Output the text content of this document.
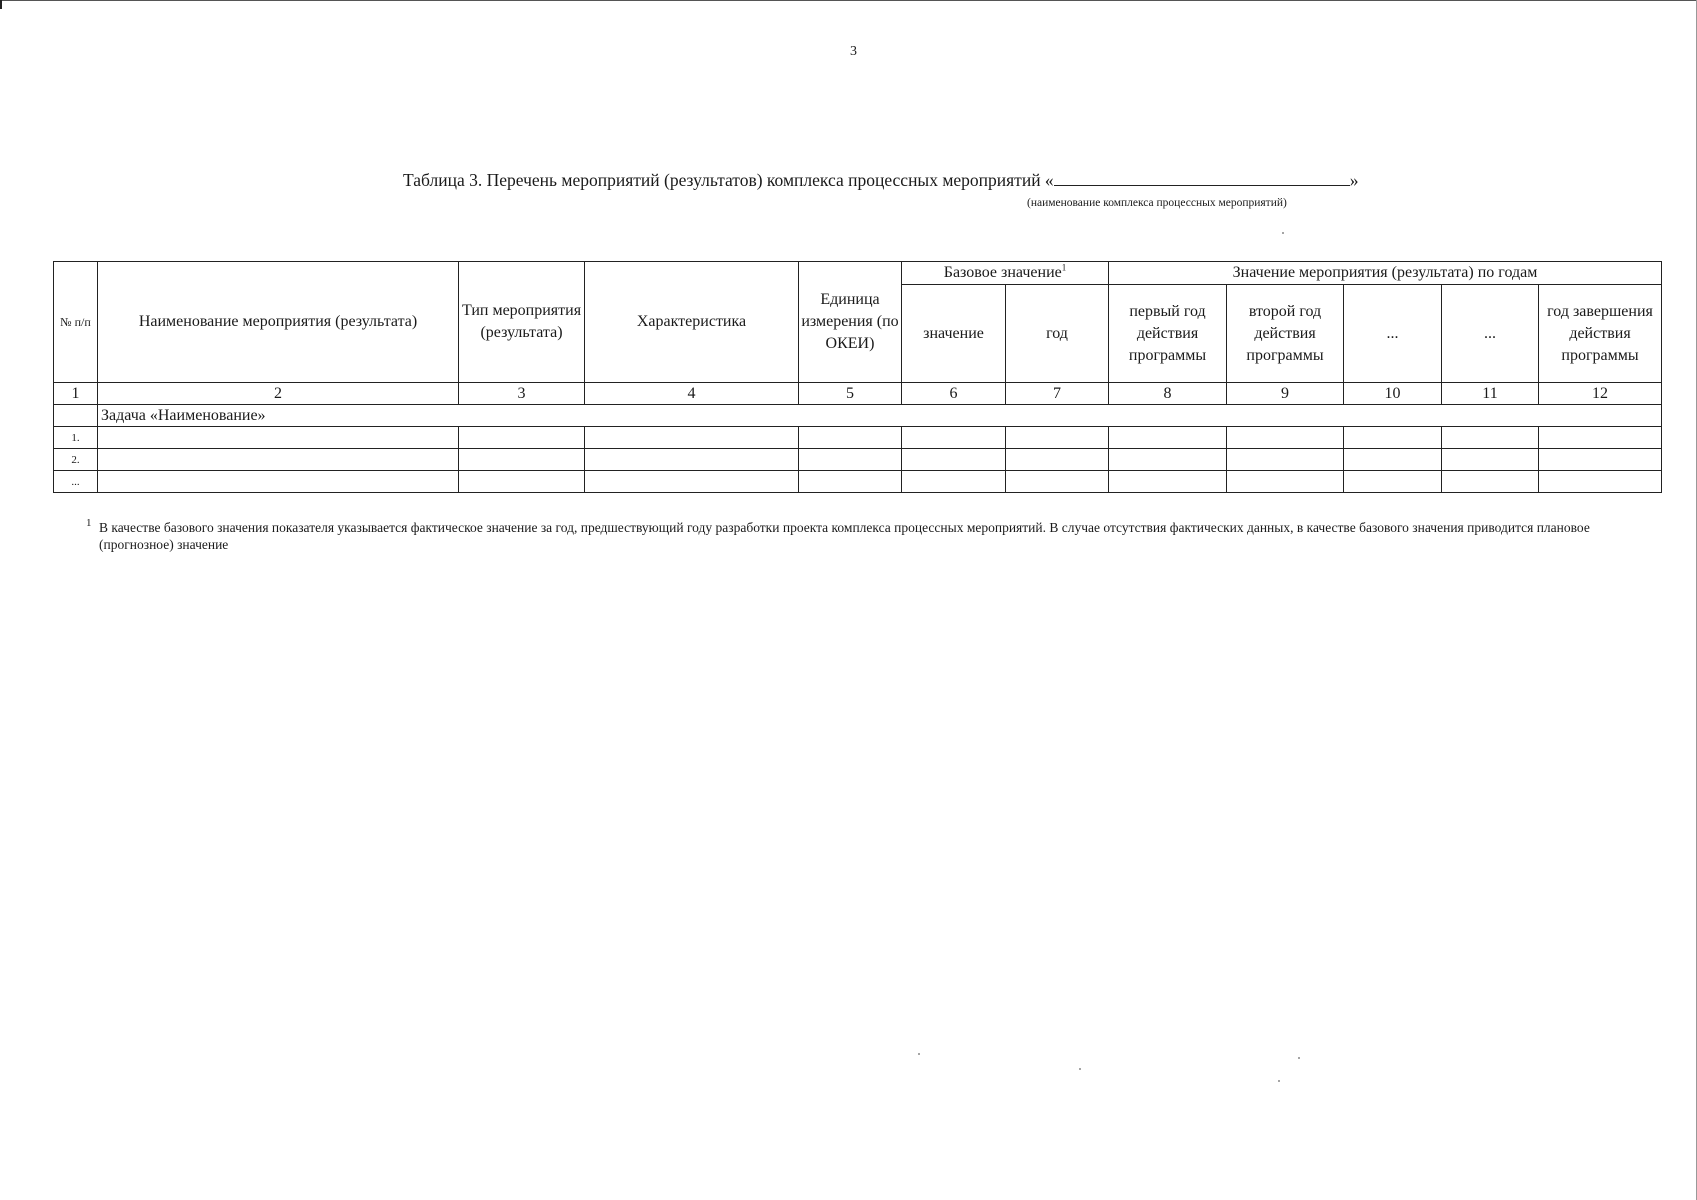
3
Таблица 3. Перечень мероприятий (результатов) комплекса процессных мероприятий «	»
(наименование комплекса процессных мероприятий)
№ п/п	Наименование мероприятия (результата)	Тип мероприятия (результата)	Характеристика	Единица измерения (по ОКЕИ)	Базовое значение$^1$		Значение мероприятия (результата) по годам				
					значение	год	первый год действия программы	второй год действия программы	...	...	год завершения действия программы
1	2	3	4	5	6	7	8	9	10	11	12
	Задача «Наименование»										
1.											
2.											
...											
1 В качестве базового значения показателя указывается фактическое значение за год, предшествующий году разработки проекта комплекса процессных мероприятий. В случае отсутствия фактических данных, в качестве базового значения приводится плановое (прогнозное) значение
